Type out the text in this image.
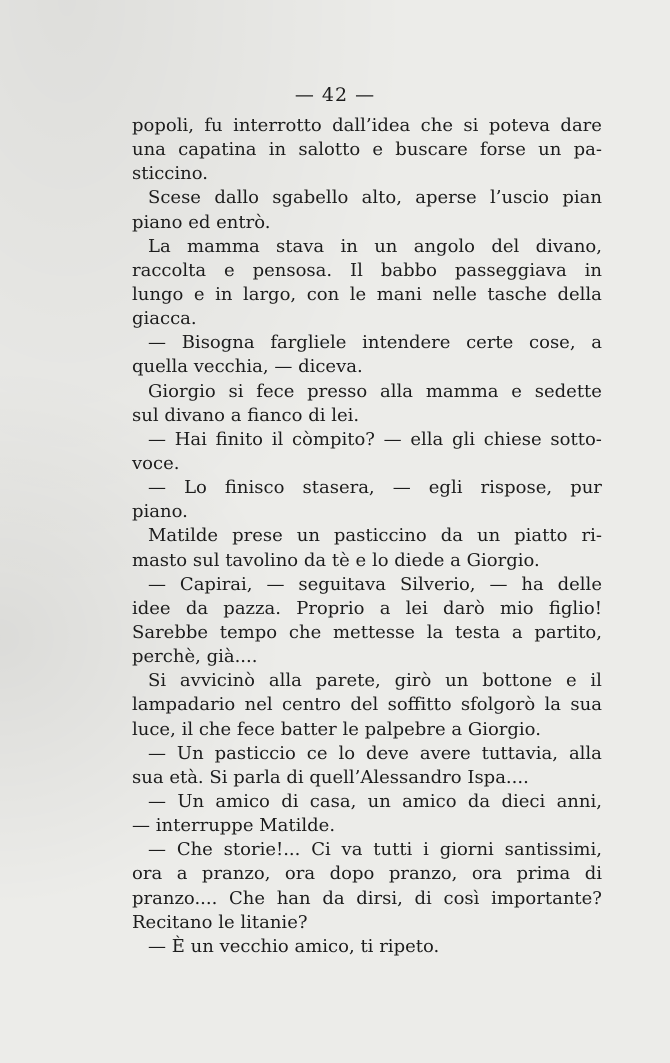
— 42 —
popoli, fu interrotto dall’idea che si poteva dare
una capatina in salotto e buscare forse un pa-
sticcino.
Scese dallo sgabello alto, aperse l’uscio pian
piano ed entrò.
La mamma stava in un angolo del divano,
raccolta e pensosa. Il babbo passeggiava in
lungo e in largo, con le mani nelle tasche della
giacca.
— Bisogna fargliele intendere certe cose, a
quella vecchia, — diceva.
Giorgio si fece presso alla mamma e sedette
sul divano a fianco di lei.
— Hai finito il còmpito? — ella gli chiese sotto-
voce.
— Lo finisco stasera, — egli rispose, pur
piano.
Matilde prese un pasticcino da un piatto ri-
masto sul tavolino da tè e lo diede a Giorgio.
— Capirai, — seguitava Silverio, — ha delle
idee da pazza. Proprio a lei darò mio figlio!
Sarebbe tempo che mettesse la testa a partito,
perchè, già....
Si avvicinò alla parete, girò un bottone e il
lampadario nel centro del soffitto sfolgorò la sua
luce, il che fece batter le palpebre a Giorgio.
— Un pasticcio ce lo deve avere tuttavia, alla
sua età. Si parla di quell’Alessandro Ispa....
— Un amico di casa, un amico da dieci anni,
— interruppe Matilde.
— Che storie!... Ci va tutti i giorni santissimi,
ora a pranzo, ora dopo pranzo, ora prima di
pranzo.... Che han da dirsi, di così importante?
Recitano le litanie?
— È un vecchio amico, ti ripeto.
